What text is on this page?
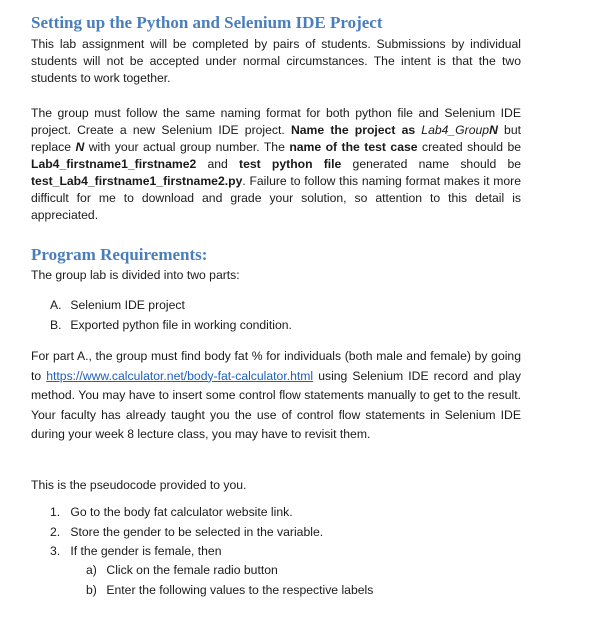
Setting up the Python and Selenium IDE Project

This lab assignment will be completed by pairs of students. Submissions by individual students will not be accepted under normal circumstances. The intent is that the two students to work together.

The group must follow the same naming format for both python file and Selenium IDE project. Create a new Selenium IDE project. Name the project as Lab4_GroupN but replace N with your actual group number. The name of the test case created should be Lab4_firstname1_firstname2 and test python file generated name should be test_Lab4_firstname1_firstname2.py. Failure to follow this naming format makes it more difficult for me to download and grade your solution, so attention to this detail is appreciated.

Program Requirements:

The group lab is divided into two parts:

A. Selenium IDE project
B. Exported python file in working condition.

For part A., the group must find body fat % for individuals (both male and female) by going to https://www.calculator.net/body-fat-calculator.html using Selenium IDE record and play method. You may have to insert some control flow statements manually to get to the result. Your faculty has already taught you the use of control flow statements in Selenium IDE during your week 8 lecture class, you may have to revisit them.

This is the pseudocode provided to you.

1. Go to the body fat calculator website link.
2. Store the gender to be selected in the variable.
3. If the gender is female, then
a) Click on the female radio button
b) Enter the following values to the respective labels
